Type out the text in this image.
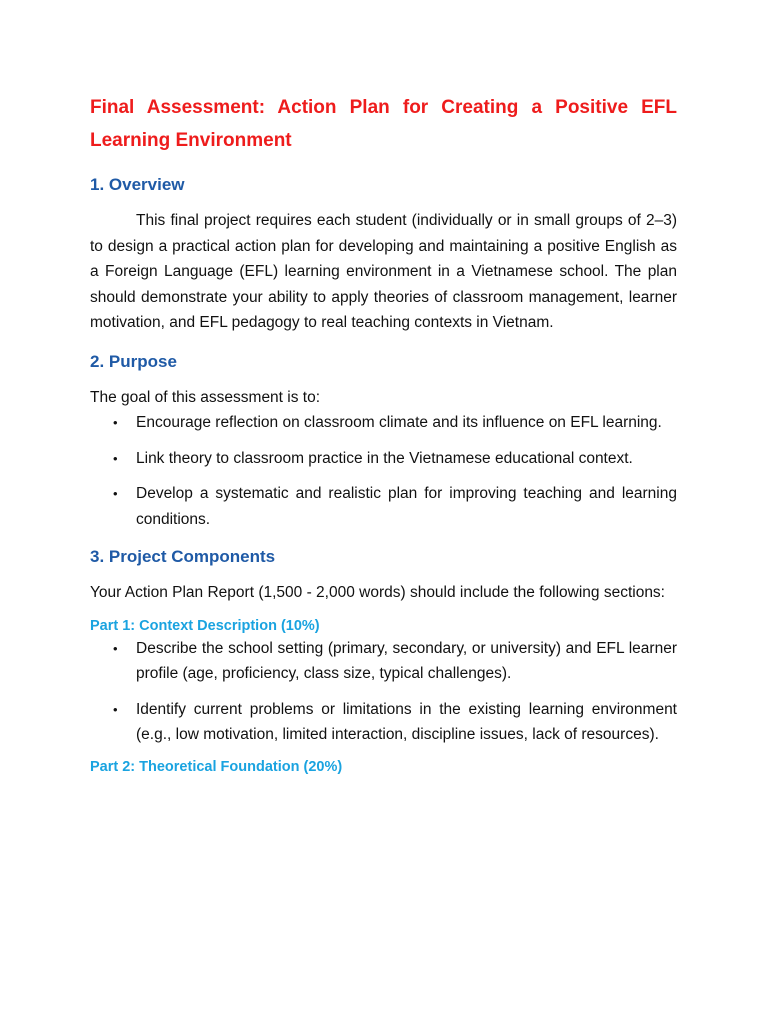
Final Assessment: Action Plan for Creating a Positive EFL Learning Environment
1. Overview

This final project requires each student (individually or in small groups of 2–3) to design a practical action plan for developing and maintaining a positive English as a Foreign Language (EFL) learning environment in a Vietnamese school. The plan should demonstrate your ability to apply theories of classroom management, learner motivation, and EFL pedagogy to real teaching contexts in Vietnam.

2. Purpose

The goal of this assessment is to:

• Encourage reflection on classroom climate and its influence on EFL learning.
• Link theory to classroom practice in the Vietnamese educational context.
• Develop a systematic and realistic plan for improving teaching and learning conditions.
3. Project Components

Your Action Plan Report (1,500 - 2,000 words) should include the following sections:

Part 1: Context Description (10%)
• Describe the school setting (primary, secondary, or university) and EFL learner profile (age, proficiency, class size, typical challenges).
• Identify current problems or limitations in the existing learning environment (e.g., low motivation, limited interaction, discipline issues, lack of resources).
Part 2: Theoretical Foundation (20%)
